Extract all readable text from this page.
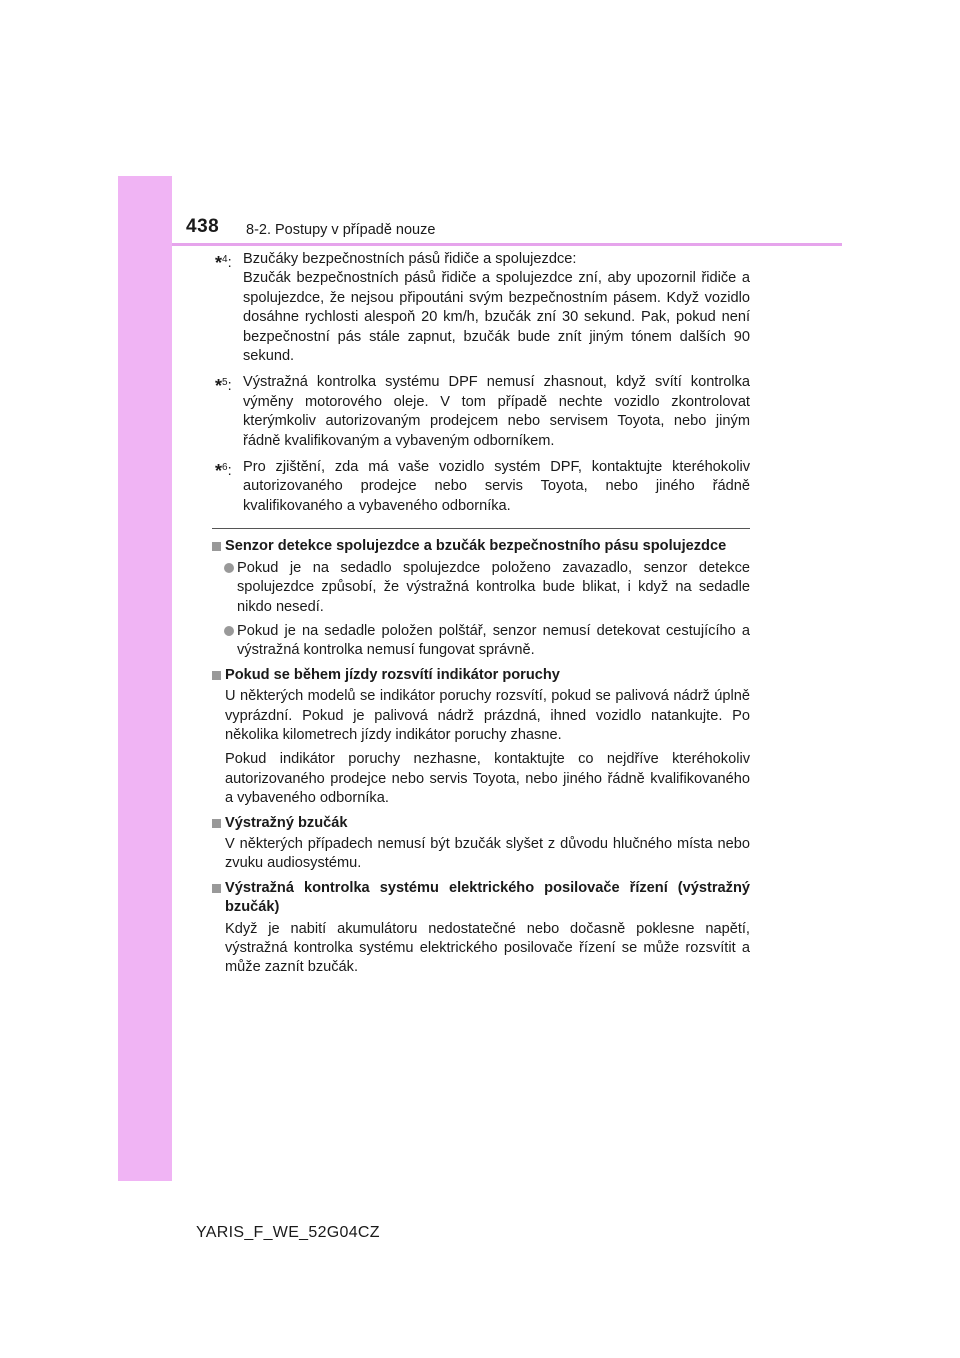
438 8-2. Postupy v případě nouze
*$^4$: Bzučáky bezpečnostních pásů řidiče a spolujezdce:
Bzučák bezpečnostních pásů řidiče a spolujezdce zní, aby upozornil řidiče a spolujezdce, že nejsou připoutáni svým bezpečnostním pásem. Když vozidlo dosáhne rychlosti alespoň 20 km/h, bzučák zní 30 sekund. Pak, pokud není bezpečnostní pás stále zapnut, bzučák bude znít jiným tónem dalších 90 sekund.
*$^5$: Výstražná kontrolka systému DPF nemusí zhasnout, když svítí kontrolka výměny motorového oleje. V tom případě nechte vozidlo zkontrolovat kterýmkoliv autorizovaným prodejcem nebo servisem Toyota, nebo jiným řádně kvalifikovaným a vybaveným odborníkem.
*$^6$: Pro zjištění, zda má vaše vozidlo systém DPF, kontaktujte kteréhokoliv autorizovaného prodejce nebo servis Toyota, nebo jiného řádně kvalifikovaného a vybaveného odborníka.
Senzor detekce spolujezdce a bzučák bezpečnostního pásu spolujezdce
Pokud je na sedadlo spolujezdce položeno zavazadlo, senzor detekce spolujezdce způsobí, že výstražná kontrolka bude blikat, i když na sedadle nikdo nesedí.
Pokud je na sedadle položen polštář, senzor nemusí detekovat cestujícího a výstražná kontrolka nemusí fungovat správně.
Pokud se během jízdy rozsvítí indikátor poruchy
U některých modelů se indikátor poruchy rozsvítí, pokud se palivová nádrž úplně vyprázdní. Pokud je palivová nádrž prázdná, ihned vozidlo natankujte. Po několika kilometrech jízdy indikátor poruchy zhasne.
Pokud indikátor poruchy nezhasne, kontaktujte co nejdříve kteréhokoliv autorizovaného prodejce nebo servis Toyota, nebo jiného řádně kvalifikovaného a vybaveného odborníka.
Výstražný bzučák
V některých případech nemusí být bzučák slyšet z důvodu hlučného místa nebo zvuku audiosystému.
Výstražná kontrolka systému elektrického posilovače řízení (výstražný bzučák)
Když je nabití akumulátoru nedostatečné nebo dočasně poklesne napětí, výstražná kontrolka systému elektrického posilovače řízení se může rozsvítit a může zaznít bzučák.
YARIS_F_WE_52G04CZ
